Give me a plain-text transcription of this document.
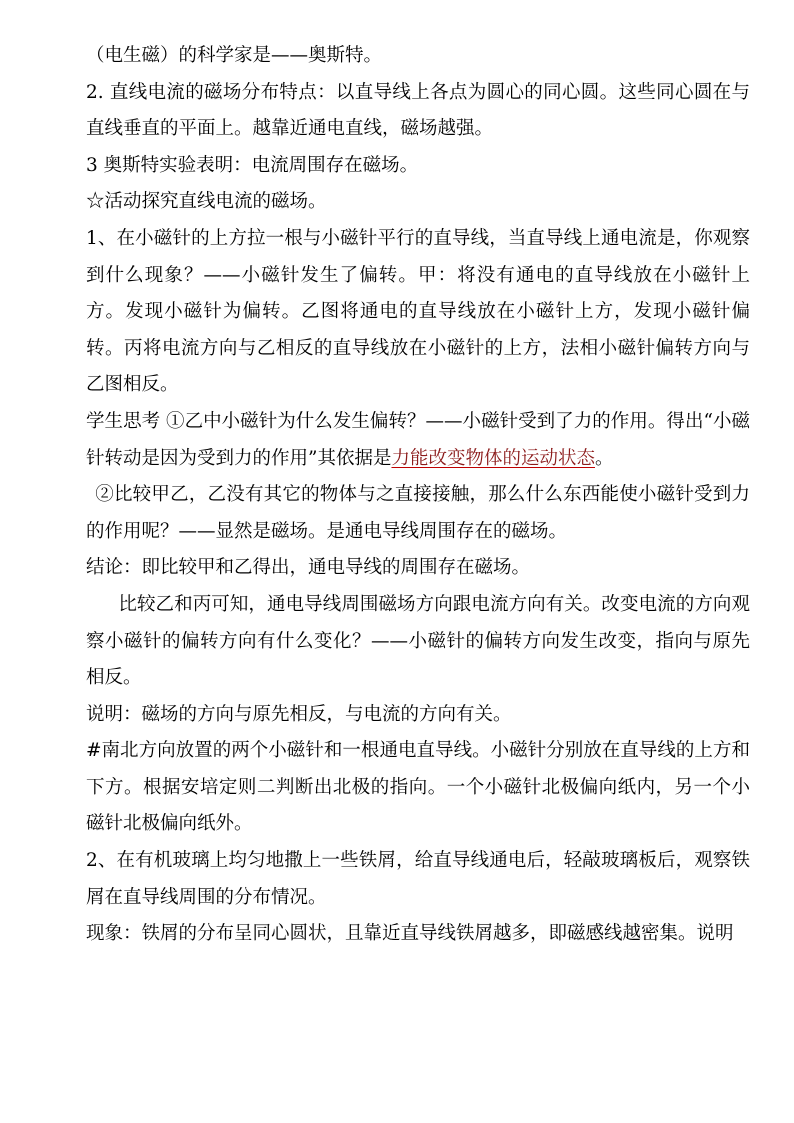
（电生磁）的科学家是——奥斯特。

2. 直线电流的磁场分布特点：以直导线上各点为圆心的同心圆。这些同心圆在与直线垂直的平面上。越靠近通电直线，磁场越强。

3 奥斯特实验表明：电流周围存在磁场。

☆活动探究直线电流的磁场。

1、在小磁针的上方拉一根与小磁针平行的直导线，当直导线上通电流是，你观察到什么现象？——小磁针发生了偏转。甲：将没有通电的直导线放在小磁针上方。发现小磁针为偏转。乙图将通电的直导线放在小磁针上方，发现小磁针偏转。丙将电流方向与乙相反的直导线放在小磁针的上方，法相小磁针偏转方向与乙图相反。

学生思考 ①乙中小磁针为什么发生偏转？——小磁针受到了力的作用。得出“小磁针转动是因为受到力的作用”其依据是力能改变物体的运动状态。

②比较甲乙，乙没有其它的物体与之直接接触，那么什么东西能使小磁针受到力的作用呢？——显然是磁场。是通电导线周围存在的磁场。

结论：即比较甲和乙得出，通电导线的周围存在磁场。

比较乙和丙可知，通电导线周围磁场方向跟电流方向有关。改变电流的方向观察小磁针的偏转方向有什么变化？——小磁针的偏转方向发生改变，指向与原先相反。

说明：磁场的方向与原先相反，与电流的方向有关。

#南北方向放置的两个小磁针和一根通电直导线。小磁针分别放在直导线的上方和下方。根据安培定则二判断出北极的指向。一个小磁针北极偏向纸内，另一个小磁针北极偏向纸外。

2、在有机玻璃上均匀地撒上一些铁屑，给直导线通电后，轻敲玻璃板后，观察铁屑在直导线周围的分布情况。

现象：铁屑的分布呈同心圆状，且靠近直导线铁屑越多，即磁感线越密集。说明
